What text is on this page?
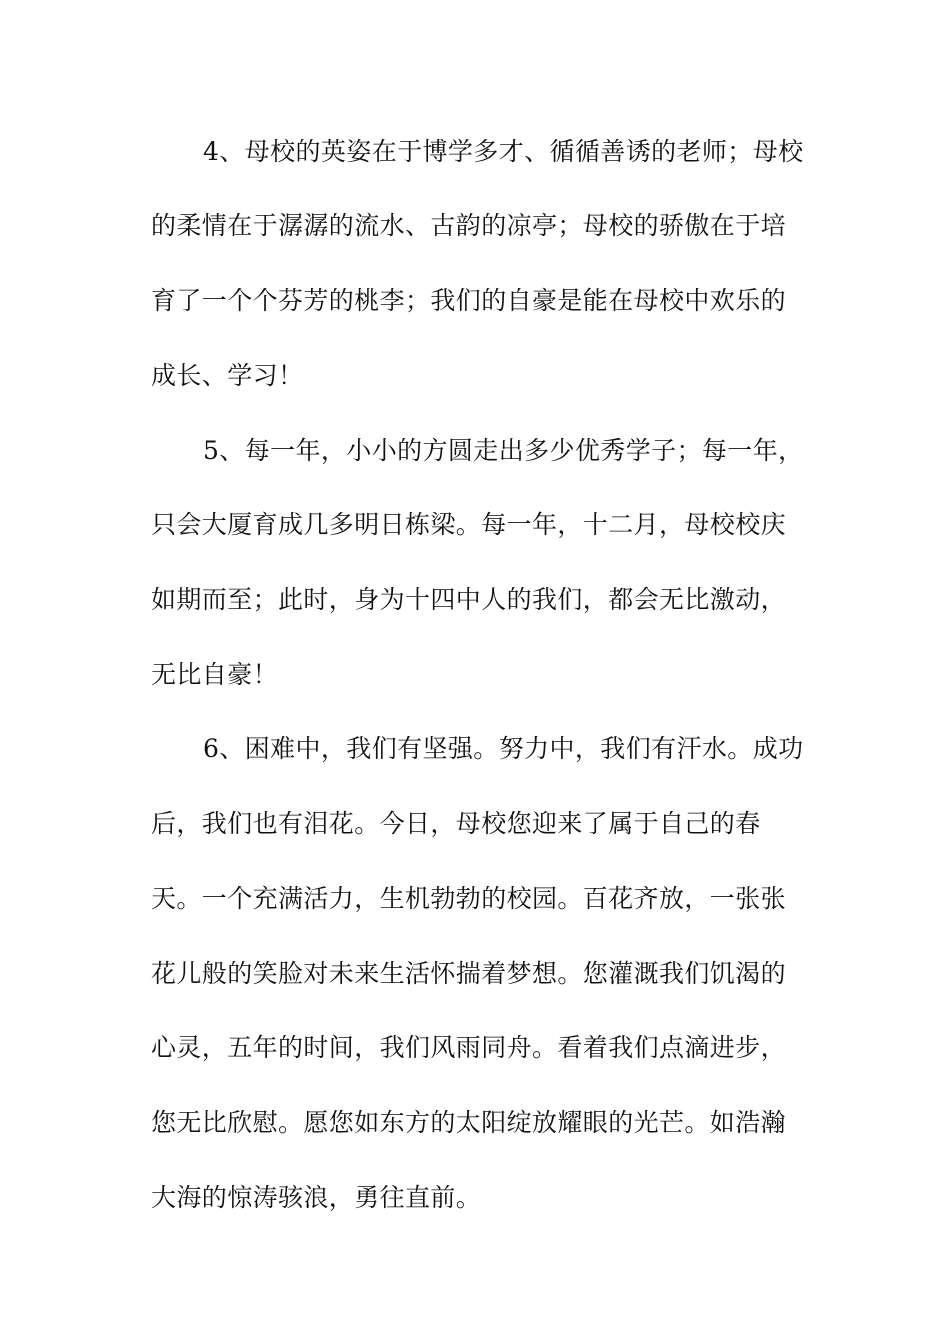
4、母校的英姿在于博学多才、循循善诱的老师；母校
的柔情在于潺潺的流水、古韵的凉亭；母校的骄傲在于培
育了一个个芬芳的桃李；我们的自豪是能在母校中欢乐的
成长、学习！
5、每一年，小小的方圆走出多少优秀学子；每一年，
只会大厦育成几多明日栋梁。每一年，十二月，母校校庆
如期而至；此时，身为十四中人的我们，都会无比激动，
无比自豪！
6、困难中，我们有坚强。努力中，我们有汗水。成功
后，我们也有泪花。今日，母校您迎来了属于自己的春
天。一个充满活力，生机勃勃的校园。百花齐放，一张张
花儿般的笑脸对未来生活怀揣着梦想。您灌溉我们饥渴的
心灵，五年的时间，我们风雨同舟。看着我们点滴进步，
您无比欣慰。愿您如东方的太阳绽放耀眼的光芒。如浩瀚
大海的惊涛骇浪，勇往直前。
